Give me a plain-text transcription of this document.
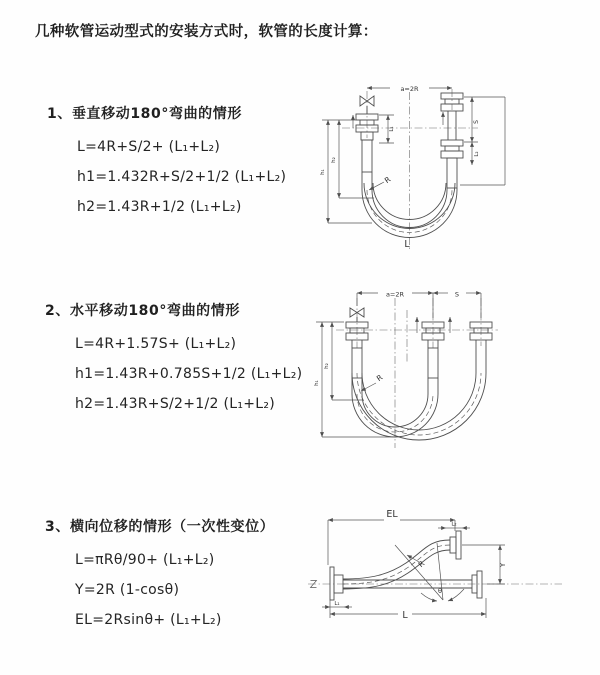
几种软管运动型式的安装方式时，软管的长度计算：
1、垂直移动180°弯曲的情形
L=4R+S/2+ (L₁+L₂)
h1=1.432R+S/2+1/2 (L₁+L₂)
h2=1.43R+1/2 (L₁+L₂)
2、水平移动180°弯曲的情形
L=4R+1.57S+ (L₁+L₂)
h1=1.43R+0.785S+1/2 (L₁+L₂)
h2=1.43R+S/2+1/2 (L₁+L₂)
3、横向位移的情形（一次性变位）
L=πRθ/90+ (L₁+L₂)
Y=2R (1-cosθ)
EL=2Rsinθ+ (L₁+L₂)
a=2R
S
L₂
h₁
h₂
L₁
R
L
a=2R	S
h₁
h₂
R
EL
L₂
Y
L
L₁
R
θ
